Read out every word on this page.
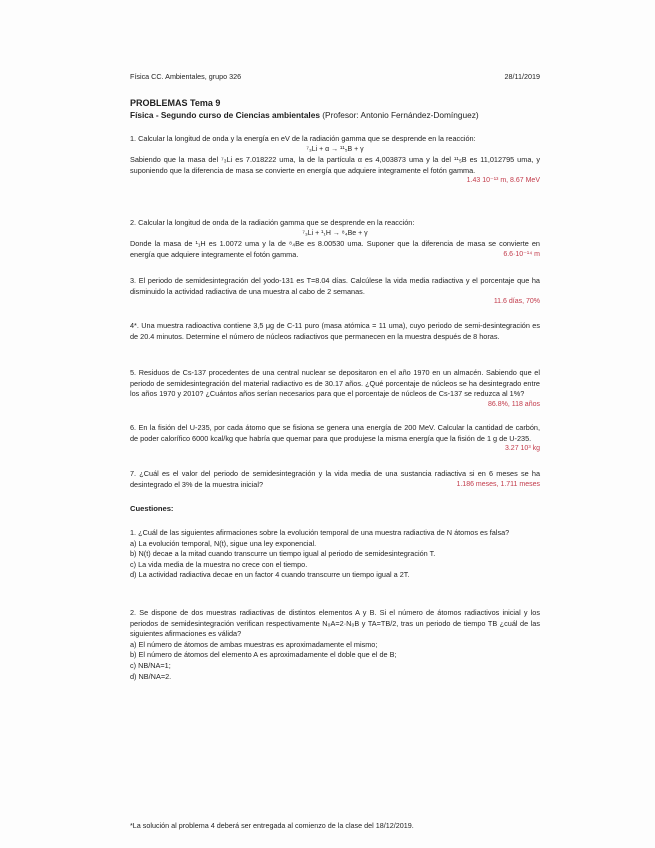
Física CC. Ambientales, grupo 326	28/11/2019
PROBLEMAS Tema 9
Física - Segundo curso de Ciencias ambientales (Profesor: Antonio Fernández-Domínguez)
1. Calcular la longitud de onda y la energía en eV de la radiación gamma que se desprende en la reacción:
⁷₃Li + α → ¹¹₅B + γ
Sabiendo que la masa del ⁷₃Li es 7.018222 uma, la de la partícula α es 4,003873 uma y la del ¹¹₅B es 11,012795 uma, y suponiendo que la diferencia de masa se convierte en energía que adquiere integramente el fotón gamma.
1.43 10⁻¹³ m, 8.67 MeV
2. Calcular la longitud de onda de la radiación gamma que se desprende en la reacción:
⁷₃Li + ¹₁H → ⁸₄Be + γ
Donde la masa de ¹₁H es 1.0072 uma y la de ⁸₄Be es 8.00530 uma. Suponer que la diferencia de masa se convierte en energía que adquiere integramente el fotón gamma.	6.6·10⁻¹⁴ m
3. El periodo de semidesintegración del yodo-131 es T=8.04 días. Calcúlese la vida media radiactiva y el porcentaje que ha disminuido la actividad radiactiva de una muestra al cabo de 2 semanas.
11.6 días, 70%
4*. Una muestra radioactiva contiene 3,5 μg de C-11 puro (masa atómica = 11 uma), cuyo periodo de semi-desintegración es de 20.4 minutos. Determine el número de núcleos radiactivos que permanecen en la muestra después de 8 horas.
5. Residuos de Cs-137 procedentes de una central nuclear se depositaron en el año 1970 en un almacén. Sabiendo que el periodo de semidesintegración del material radiactivo es de 30.17 años. ¿Qué porcentaje de núcleos se ha desintegrado entre los años 1970 y 2010? ¿Cuántos años serían necesarios para que el porcentaje de núcleos de Cs-137 se reduzca al 1%?
86.8%, 118 años
6. En la fisión del U-235, por cada átomo que se fisiona se genera una energía de 200 MeV. Calcular la cantidad de carbón, de poder calorífico 6000 kcal/kg que habría que quemar para que produjese la misma energía que la fisión de 1 g de U-235.
3.27 10³ kg
7. ¿Cuál es el valor del periodo de semidesintegración y la vida media de una sustancia radiactiva si en 6 meses se ha desintegrado el 3% de la muestra inicial?	1.186 meses, 1.711 meses
Cuestiones:
1. ¿Cuál de las siguientes afirmaciones sobre la evolución temporal de una muestra radiactiva de N átomos es falsa?
a) La evolución temporal, N(t), sigue una ley exponencial.
b) N(t) decae a la mitad cuando transcurre un tiempo igual al periodo de semidesintegración T.
c) La vida media de la muestra no crece con el tiempo.
d) La actividad radiactiva decae en un factor 4 cuando transcurre un tiempo igual a 2T.
2. Se dispone de dos muestras radiactivas de distintos elementos A y B. Si el número de átomos radiactivos inicial y los periodos de semidesintegración verifican respectivamente N₀A=2·N₀B y TA=TB/2, tras un periodo de tiempo TB ¿cuál de las siguientes afirmaciones es válida?
a) El número de átomos de ambas muestras es aproximadamente el mismo;
b) El número de átomos del elemento A es aproximadamente el doble que el de B;
c) NB/NA=1;
d) NB/NA=2.
*La solución al problema 4 deberá ser entregada al comienzo de la clase del 18/12/2019.
